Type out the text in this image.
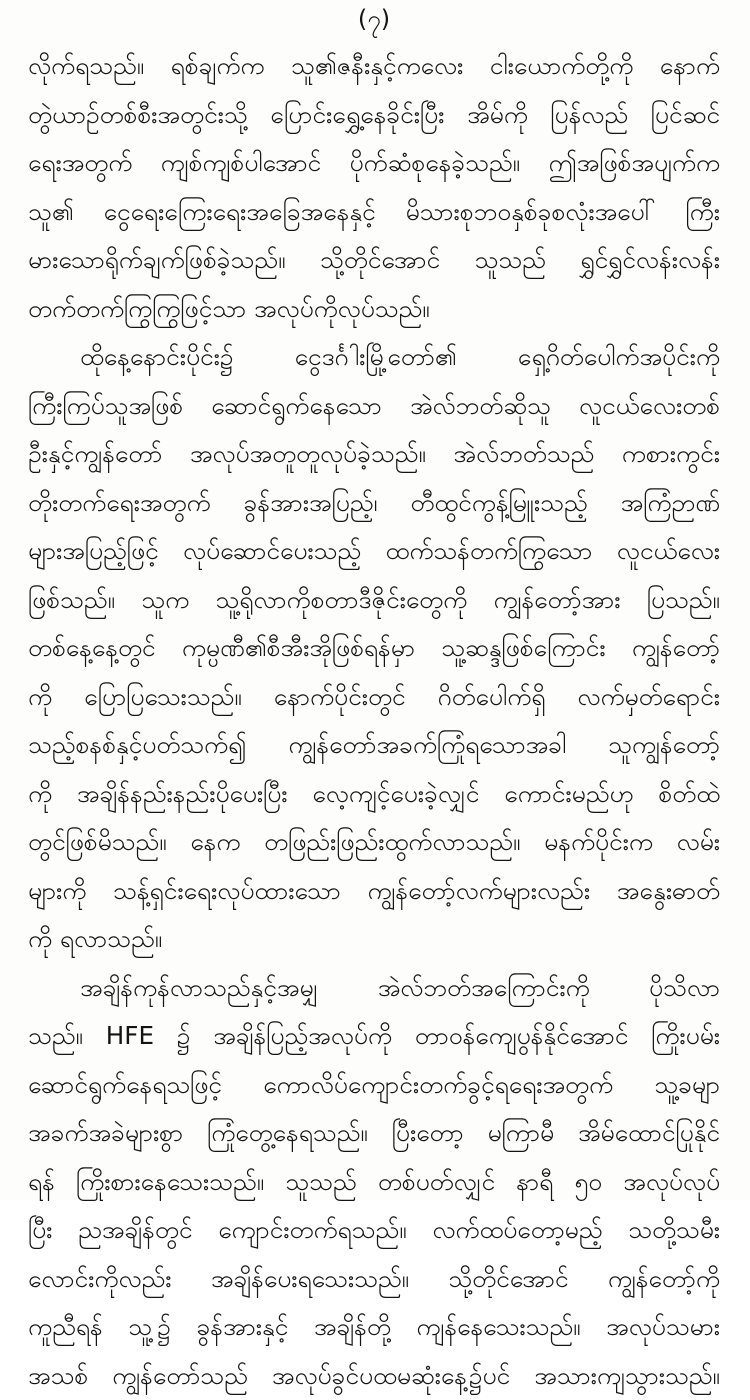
(၇)
လိုက်ရသည်။ ရစ်ချက်က သူ၏ဇနီးနှင့်ကလေး ငါးယောက်တို့ကို နောက်
တွဲယာဉ်တစ်စီးအတွင်းသို့ ပြောင်းရွှေ့နေခိုင်းပြီး အိမ်ကို ပြန်လည် ပြင်ဆင်
ရေးအတွက် ကျစ်ကျစ်ပါအောင် ပိုက်ဆံစုနေခဲ့သည်။ ဤအဖြစ်အပျက်က
သူ၏ ငွေရေးကြေးရေးအခြေအနေနှင့် မိသားစုဘဝနှစ်ခုစလုံးအပေါ် ကြီး
မားသောရိုက်ချက်ဖြစ်ခဲ့သည်။ သို့တိုင်အောင် သူသည် ရွှင်ရွှင်လန်းလန်း
တက်တက်ကြွကြွဖြင့်သာ အလုပ်ကိုလုပ်သည်။
ထိုနေ့နောင်းပိုင်း၌ ငွေဒင်္ဂါးမြို့တော်၏ ရှေ့ဂိတ်ပေါက်အပိုင်းကို
ကြီးကြပ်သူအဖြစ် ဆောင်ရွက်နေသော အဲလ်ဘတ်ဆိုသူ လူငယ်လေးတစ်
ဦးနှင့်ကျွန်တော် အလုပ်အတူတူလုပ်ခဲ့သည်။ အဲလ်ဘတ်သည် ကစားကွင်း
တိုးတက်ရေးအတွက် ခွန်အားအပြည့်၊ တီထွင်ကွန့်မြူးသည့် အကြံဉာဏ်
များအပြည့်ဖြင့် လုပ်ဆောင်ပေးသည့် ထက်သန်တက်ကြွသော လူငယ်လေး
ဖြစ်သည်။ သူက သူ့ရိုလာကိုစတာဒီဇိုင်းတွေကို ကျွန်တော့်အား ပြသည်။
တစ်နေ့နေ့တွင် ကုမ္ပဏီ၏စီအီးအိုဖြစ်ရန်မှာ သူ့ဆန္ဒဖြစ်ကြောင်း ကျွန်တော့်
ကို ပြောပြသေးသည်။ နောက်ပိုင်းတွင် ဂိတ်ပေါက်ရှိ လက်မှတ်ရောင်း
သည့်စနစ်နှင့်ပတ်သက်၍ ကျွန်တော်အခက်ကြုံရသောအခါ သူကျွန်တော့်
ကို အချိန်နည်းနည်းပိုပေးပြီး လေ့ကျင့်ပေးခဲ့လျှင် ကောင်းမည်ဟု စိတ်ထဲ
တွင်ဖြစ်မိသည်။ နေက တဖြည်းဖြည်းထွက်လာသည်။ မနက်ပိုင်းက လမ်း
များကို သန့်ရှင်းရေးလုပ်ထားသော ကျွန်တော့်လက်များလည်း အနွေးဓာတ်
ကို ရလာသည်။
အချိန်ကုန်လာသည်နှင့်အမျှ အဲလ်ဘတ်အကြောင်းကို ပိုသိလာ
သည်။ HFE ၌ အချိန်ပြည့်အလုပ်ကို တာဝန်ကျေပွန်နိုင်အောင် ကြိုးပမ်း
ဆောင်ရွက်နေရသဖြင့် ကောလိပ်ကျောင်းတက်ခွင့်ရရေးအတွက် သူ့ခမျာ
အခက်အခဲများစွာ ကြုံတွေ့နေရသည်။ ပြီးတော့ မကြာမီ အိမ်ထောင်ပြုနိုင်
ရန် ကြိုးစားနေသေးသည်။ သူသည် တစ်ပတ်လျှင် နာရီ ၅၀ အလုပ်လုပ်
ပြီး ညအချိန်တွင် ကျောင်းတက်ရသည်။ လက်ထပ်တော့မည့် သတို့သမီး
လောင်းကိုလည်း အချိန်ပေးရသေးသည်။ သို့တိုင်အောင် ကျွန်တော့်ကို
ကူညီရန် သူ့၌ ခွန်အားနှင့် အချိန်တို့ ကျန်နေသေးသည်။ အလုပ်သမား
အသစ် ကျွန်တော်သည် အလုပ်ခွင်ပထမဆုံးနေ့၌ပင် အသားကျသွားသည်။
